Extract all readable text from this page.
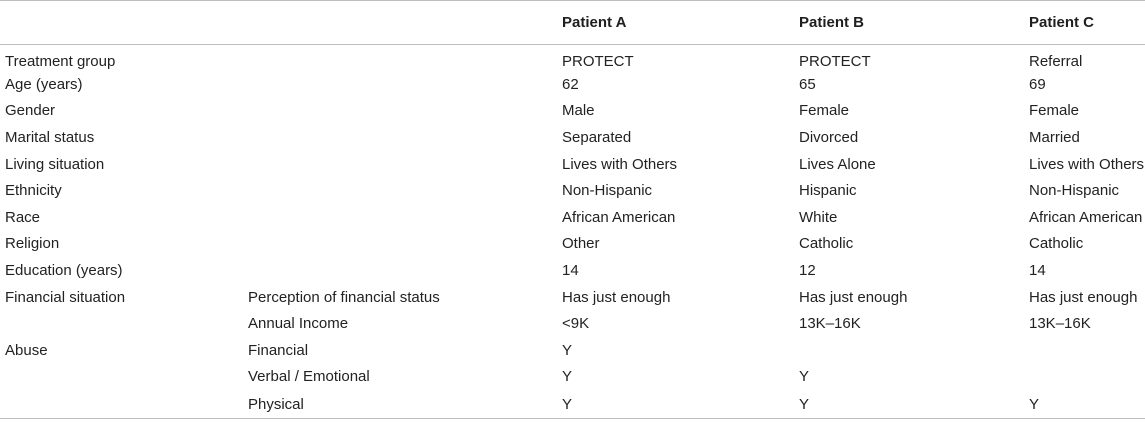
		Patient A	Patient B	Patient C
Treatment group		PROTECT	PROTECT	Referral
Age (years)		62	65	69
Gender		Male	Female	Female
Marital status		Separated	Divorced	Married
Living situation		Lives with Others	Lives Alone	Lives with Others
Ethnicity		Non-Hispanic	Hispanic	Non-Hispanic
Race		African American	White	African American
Religion		Other	Catholic	Catholic
Education (years)		14	12	14
Financial situation	Perception of financial status	Has just enough	Has just enough	Has just enough
	Annual Income	<9K	13K–16K	13K–16K
Abuse	Financial	Y		
	Verbal / Emotional	Y	Y	
	Physical	Y	Y	Y
